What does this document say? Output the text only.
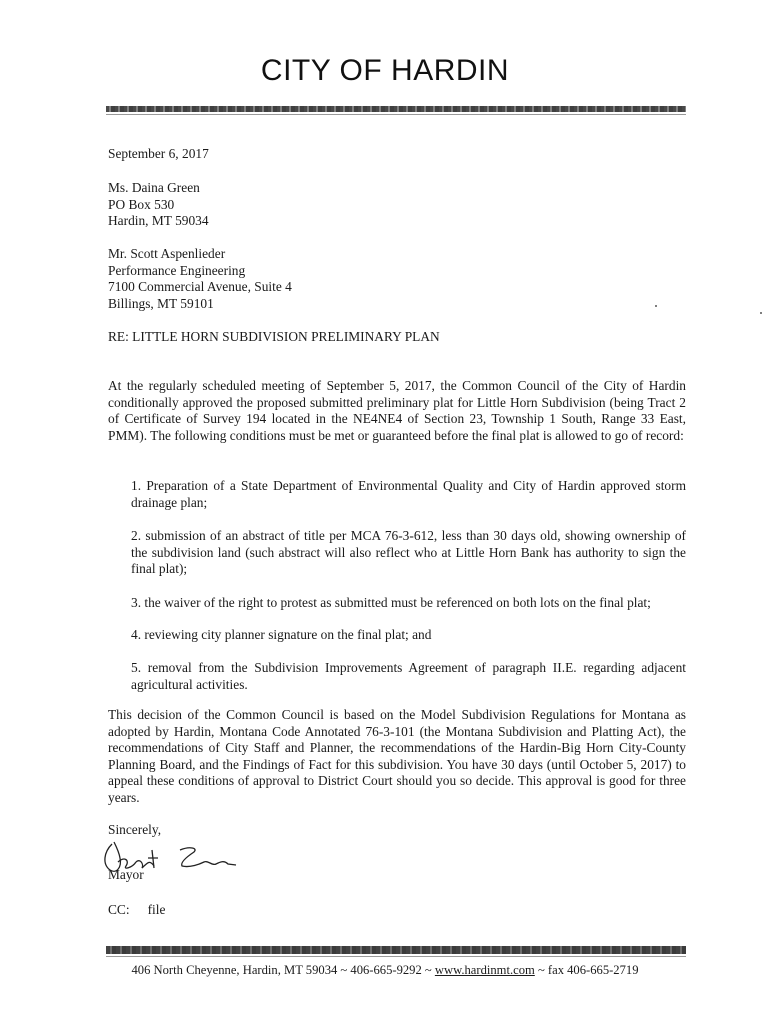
CITY OF HARDIN
September 6, 2017

Ms. Daina Green

PO Box 530

Hardin, MT 59034

Mr. Scott Aspenlieder

Performance Engineering

7100 Commercial Avenue, Suite 4

Billings, MT 59101

RE: LITTLE HORN SUBDIVISION PRELIMINARY PLAN
At the regularly scheduled meeting of September 5, 2017, the Common Council of the City of Hardin conditionally approved the proposed submitted preliminary plat for Little Horn Subdivision (being Tract 2 of Certificate of Survey 194 located in the NE4NE4 of Section 23, Township 1 South, Range 33 East, PMM). The following conditions must be met or guaranteed before the final plat is allowed to go of record:
1. Preparation of a State Department of Environmental Quality and City of Hardin approved storm drainage plan;
2. submission of an abstract of title per MCA 76-3-612, less than 30 days old, showing ownership of the subdivision land (such abstract will also reflect who at Little Horn Bank has authority to sign the final plat);
3. the waiver of the right to protest as submitted must be referenced on both lots on the final plat;
4. reviewing city planner signature on the final plat; and
5. removal from the Subdivision Improvements Agreement of paragraph II.E. regarding adjacent agricultural activities.
This decision of the Common Council is based on the Model Subdivision Regulations for Montana as adopted by Hardin, Montana Code Annotated 76-3-101 (the Montana Subdivision and Platting Act), the recommendations of City Staff and Planner, the recommendations of the Hardin-Big Horn City-County Planning Board, and the Findings of Fact for this subdivision. You have 30 days (until October 5, 2017) to appeal these conditions of approval to District Court should you so decide. This approval is good for three years.
Sincerely,
Mayor
CC: file
406 North Cheyenne, Hardin, MT 59034 ~ 406-665-9292 ~ www.hardinmt.com ~ fax 406-665-2719
